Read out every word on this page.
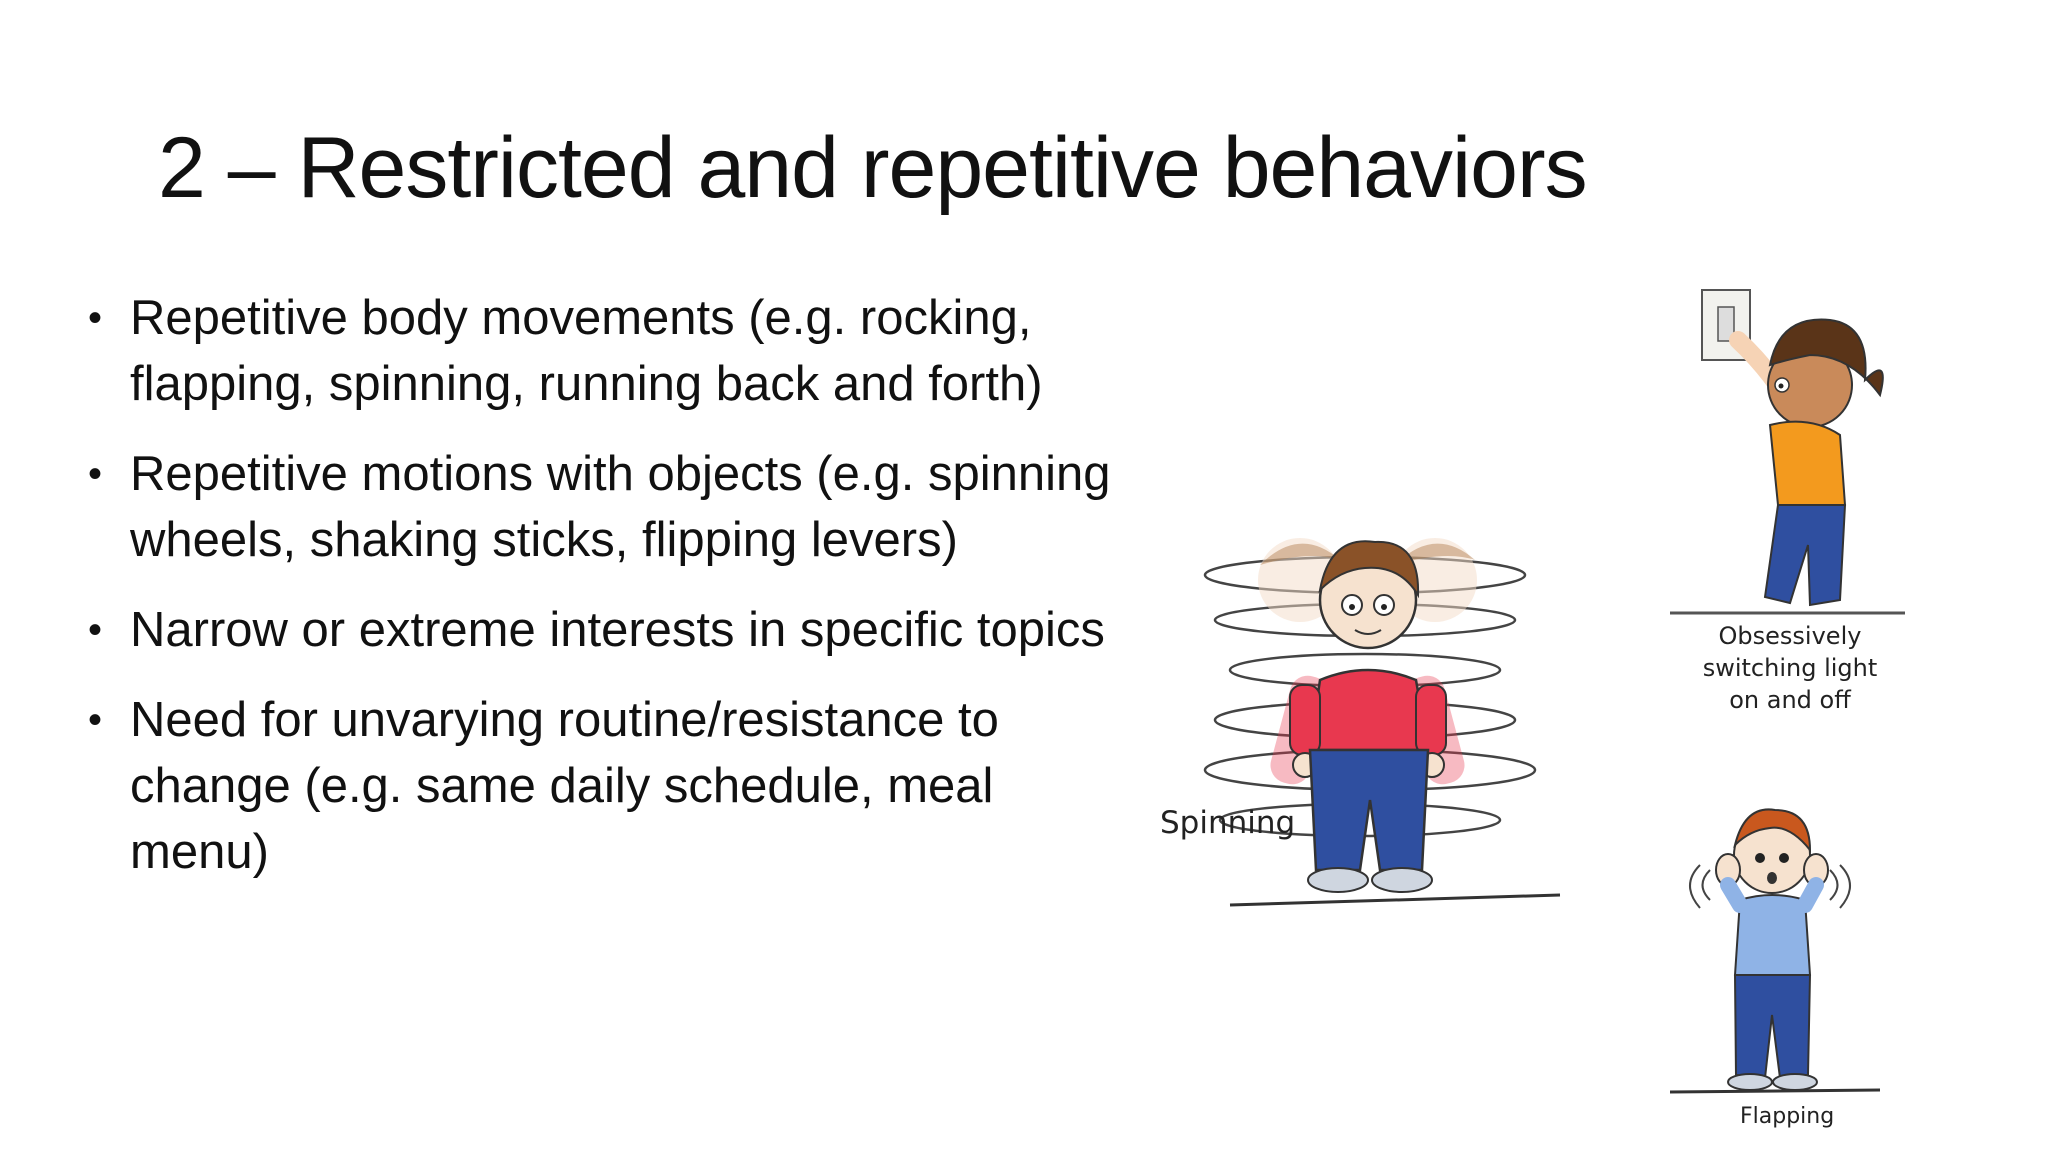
2 – Restricted and repetitive behaviors
• Repetitive body movements (e.g. rocking, flapping, spinning, running back and forth)
• Repetitive motions with objects (e.g. spinning wheels, shaking sticks, flipping levers)
• Narrow or extreme interests in specific topics
• Need for unvarying routine/resistance to change (e.g. same daily schedule, meal menu)
Spinning
Obsessively
switching light
on and off
Flapping
